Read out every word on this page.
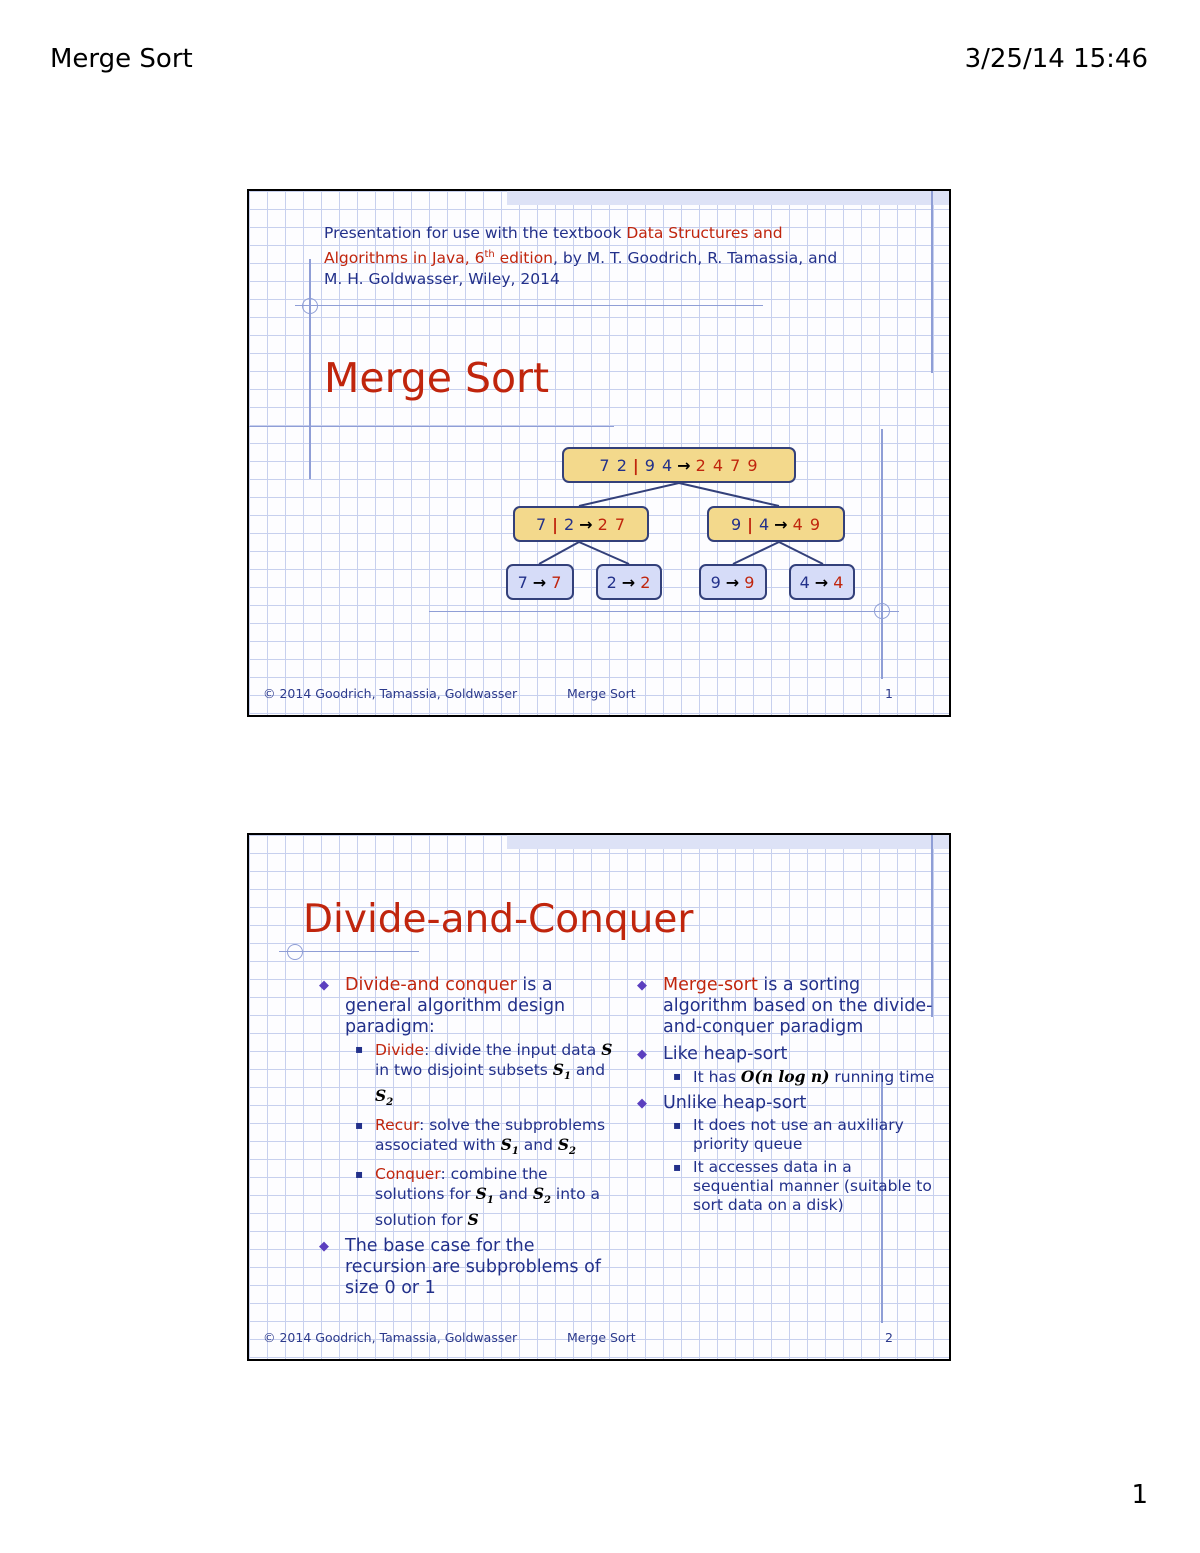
Merge Sort	3/25/14 15:46
Presentation for use with the textbook Data Structures and Algorithms in Java, 6th edition, by M. T. Goodrich, R. Tamassia, and M. H. Goldwasser, Wiley, 2014
Merge Sort
7 2 | 9 4 → 2 4 7 9
7 | 2 → 2 7	9 | 4 → 4 9
7 → 7	2 → 2	9 → 9	4 → 4
© 2014 Goodrich, Tamassia, Goldwasser	Merge Sort	1
Divide-and-Conquer
◆ Divide-and conquer is a general algorithm design paradigm:
▪ Divide: divide the input data S in two disjoint subsets $S_1$ and $S_2$
▪ Recur: solve the subproblems associated with $S_1$ and $S_2$
▪ Conquer: combine the solutions for $S_1$ and $S_2$ into a solution for S
◆ The base case for the recursion are subproblems of size 0 or 1
◆ Merge-sort is a sorting algorithm based on the divide-and-conquer paradigm
◆ Like heap-sort
▪ It has O(n log n) running time
◆ Unlike heap-sort
▪ It does not use an auxiliary priority queue
▪ It accesses data in a sequential manner (suitable to sort data on a disk)
© 2014 Goodrich, Tamassia, Goldwasser	Merge Sort	2
1
